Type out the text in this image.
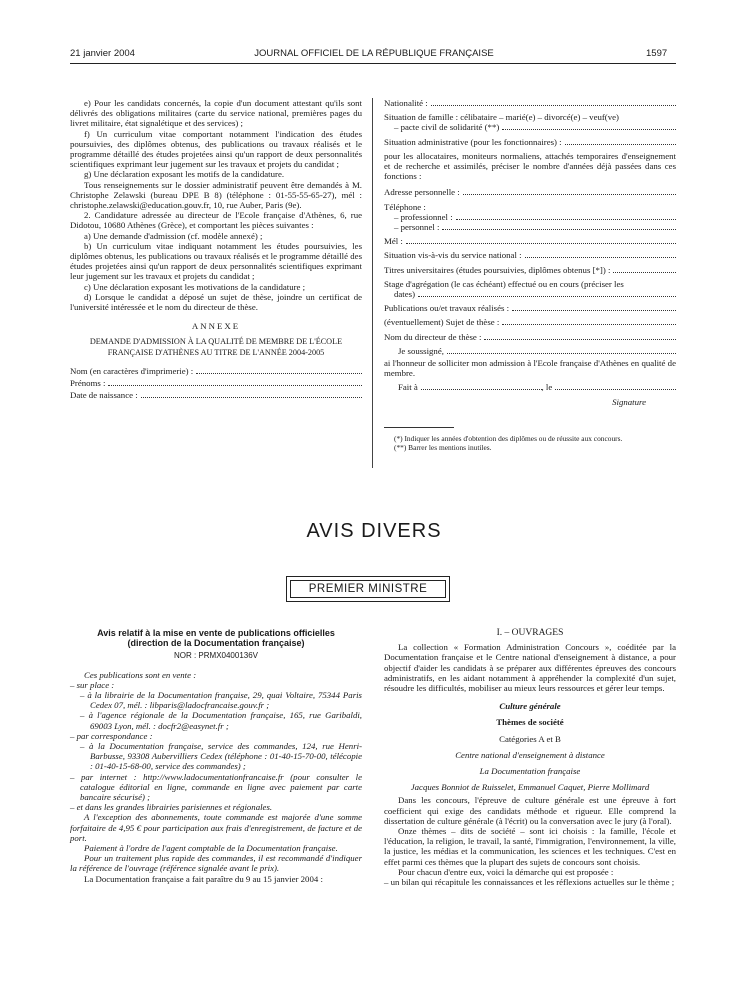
21 janvier 2004	JOURNAL OFFICIEL DE LA RÉPUBLIQUE FRANÇAISE	1597

e) Pour les candidats concernés, la copie d'un document attestant qu'ils sont délivrés des obligations militaires (carte du service national, premières pages du livret militaire, état signalétique et des services) ;

f) Un curriculum vitae comportant notamment l'indication des études poursuivies, des diplômes obtenus, des publications ou travaux réalisés et le programme détaillé des études projetées ainsi qu'un rapport de deux personnalités scientifiques exprimant leur jugement sur les travaux et projets du candidat ;

g) Une déclaration exposant les motifs de la candidature.

Tous renseignements sur le dossier administratif peuvent être demandés à M. Christophe Zelawski (bureau DPE B 8) (téléphone : 01-55-55-65-27), mél : christophe.zelawski@education.gouv.fr, 10, rue Auber, Paris (9e).

2. Candidature adressée au directeur de l'Ecole française d'Athènes, 6, rue Didotou, 10680 Athènes (Grèce), et comportant les pièces suivantes :

a) Une demande d'admission (cf. modèle annexé) ;

b) Un curriculum vitae indiquant notamment les études poursuivies, les diplômes obtenus, les publications ou travaux réalisés et le programme détaillé des études projetées ainsi qu'un rapport de deux personnalités scientifiques exprimant leur jugement sur les travaux et projets du candidat ;

c) Une déclaration exposant les motivations de la candidature ;

d) Lorsque le candidat a déposé un sujet de thèse, joindre un certificat de l'université intéressée et le nom du directeur de thèse.

ANNEXE

DEMANDE D'ADMISSION À LA QUALITÉ DE MEMBRE DE L'ÉCOLE FRANÇAISE D'ATHÈNES AU TITRE DE L'ANNÉE 2004-2005

Nom (en caractères d'imprimerie) :
Prénoms :
Date de naissance :
Nationalité :

Situation de famille : célibataire – marié(e) – divorcé(e) – veuf(ve)

– pacte civil de solidarité (**)
Situation administrative (pour les fonctionnaires) :

pour les allocataires, moniteurs normaliens, attachés temporaires d'enseignement et de recherche et assimilés, préciser le nombre d'années déjà passées dans ces fonctions :

Adresse personnelle :

Téléphone :

– professionnel :
– personnel :
Mél :
Situation vis-à-vis du service national :
Titres universitaires (études poursuivies, diplômes obtenus [*]) :

Stage d'agrégation (le cas échéant) effectué ou en cours (préciser les

dates)
Publications ou/et travaux réalisés :
(éventuellement) Sujet de thèse :
Nom du directeur de thèse :
Je soussigné,

ai l'honneur de solliciter mon admission à l'Ecole française d'Athènes en qualité de membre.

Fait à	, le

Signature

(*) Indiquer les années d'obtention des diplômes ou de réussite aux concours.

(**) Barrer les mentions inutiles.

AVIS DIVERS
PREMIER MINISTRE

Avis relatif à la mise en vente de publications officielles (direction de la Documentation française)

NOR : PRMX0400136V

Ces publications sont en vente :

– sur place :

– à la librairie de la Documentation française, 29, quai Voltaire, 75344 Paris Cedex 07, mél. : libparis@ladocfrancaise.gouv.fr ;

– à l'agence régionale de la Documentation française, 165, rue Garibaldi, 69003 Lyon, mél. : docfr2@easynet.fr ;

– par correspondance :

– à la Documentation française, service des commandes, 124, rue Henri-Barbusse, 93308 Aubervilliers Cedex (téléphone : 01-40-15-70-00, télécopie : 01-40-15-68-00, service des commandes) ;

– par internet : http://www.ladocumentationfrancaise.fr (pour consulter le catalogue éditorial en ligne, commande en ligne avec paiement par carte bancaire sécurisé) ;

– et dans les grandes librairies parisiennes et régionales.

A l'exception des abonnements, toute commande est majorée d'une somme forfaitaire de 4,95 € pour participation aux frais d'enregistrement, de facture et de port.

Paiement à l'ordre de l'agent comptable de la Documentation française.

Pour un traitement plus rapide des commandes, il est recommandé d'indiquer la référence de l'ouvrage (référence signalée avant le prix).

La Documentation française a fait paraître du 9 au 15 janvier 2004 :

I. – OUVRAGES

La collection « Formation Administration Concours », coéditée par la Documentation française et le Centre national d'enseignement à distance, a pour objectif d'aider les candidats à se préparer aux différentes épreuves des concours administratifs, en les aidant notamment à appréhender la complexité d'un sujet, résoudre les difficultés, mobiliser au mieux leurs ressources et gérer leur temps.

Culture générale

Thèmes de société

Catégories A et B

Centre national d'enseignement à distance

La Documentation française

Jacques Bonniot de Ruisselet, Emmanuel Caquet, Pierre Mollimard

Dans les concours, l'épreuve de culture générale est une épreuve à fort coefficient qui exige des candidats méthode et rigueur. Elle comprend la dissertation de culture générale (à l'écrit) ou la conversation avec le jury (à l'oral).

Onze thèmes – dits de société – sont ici choisis : la famille, l'école et l'éducation, la religion, le travail, la santé, l'immigration, l'environnement, la ville, la justice, les médias et la communication, les sciences et les techniques. C'est en effet parmi ces thèmes que la plupart des sujets de concours sont choisis.

Pour chacun d'entre eux, voici la démarche qui est proposée :

– un bilan qui récapitule les connaissances et les réflexions actuelles sur le thème ;
